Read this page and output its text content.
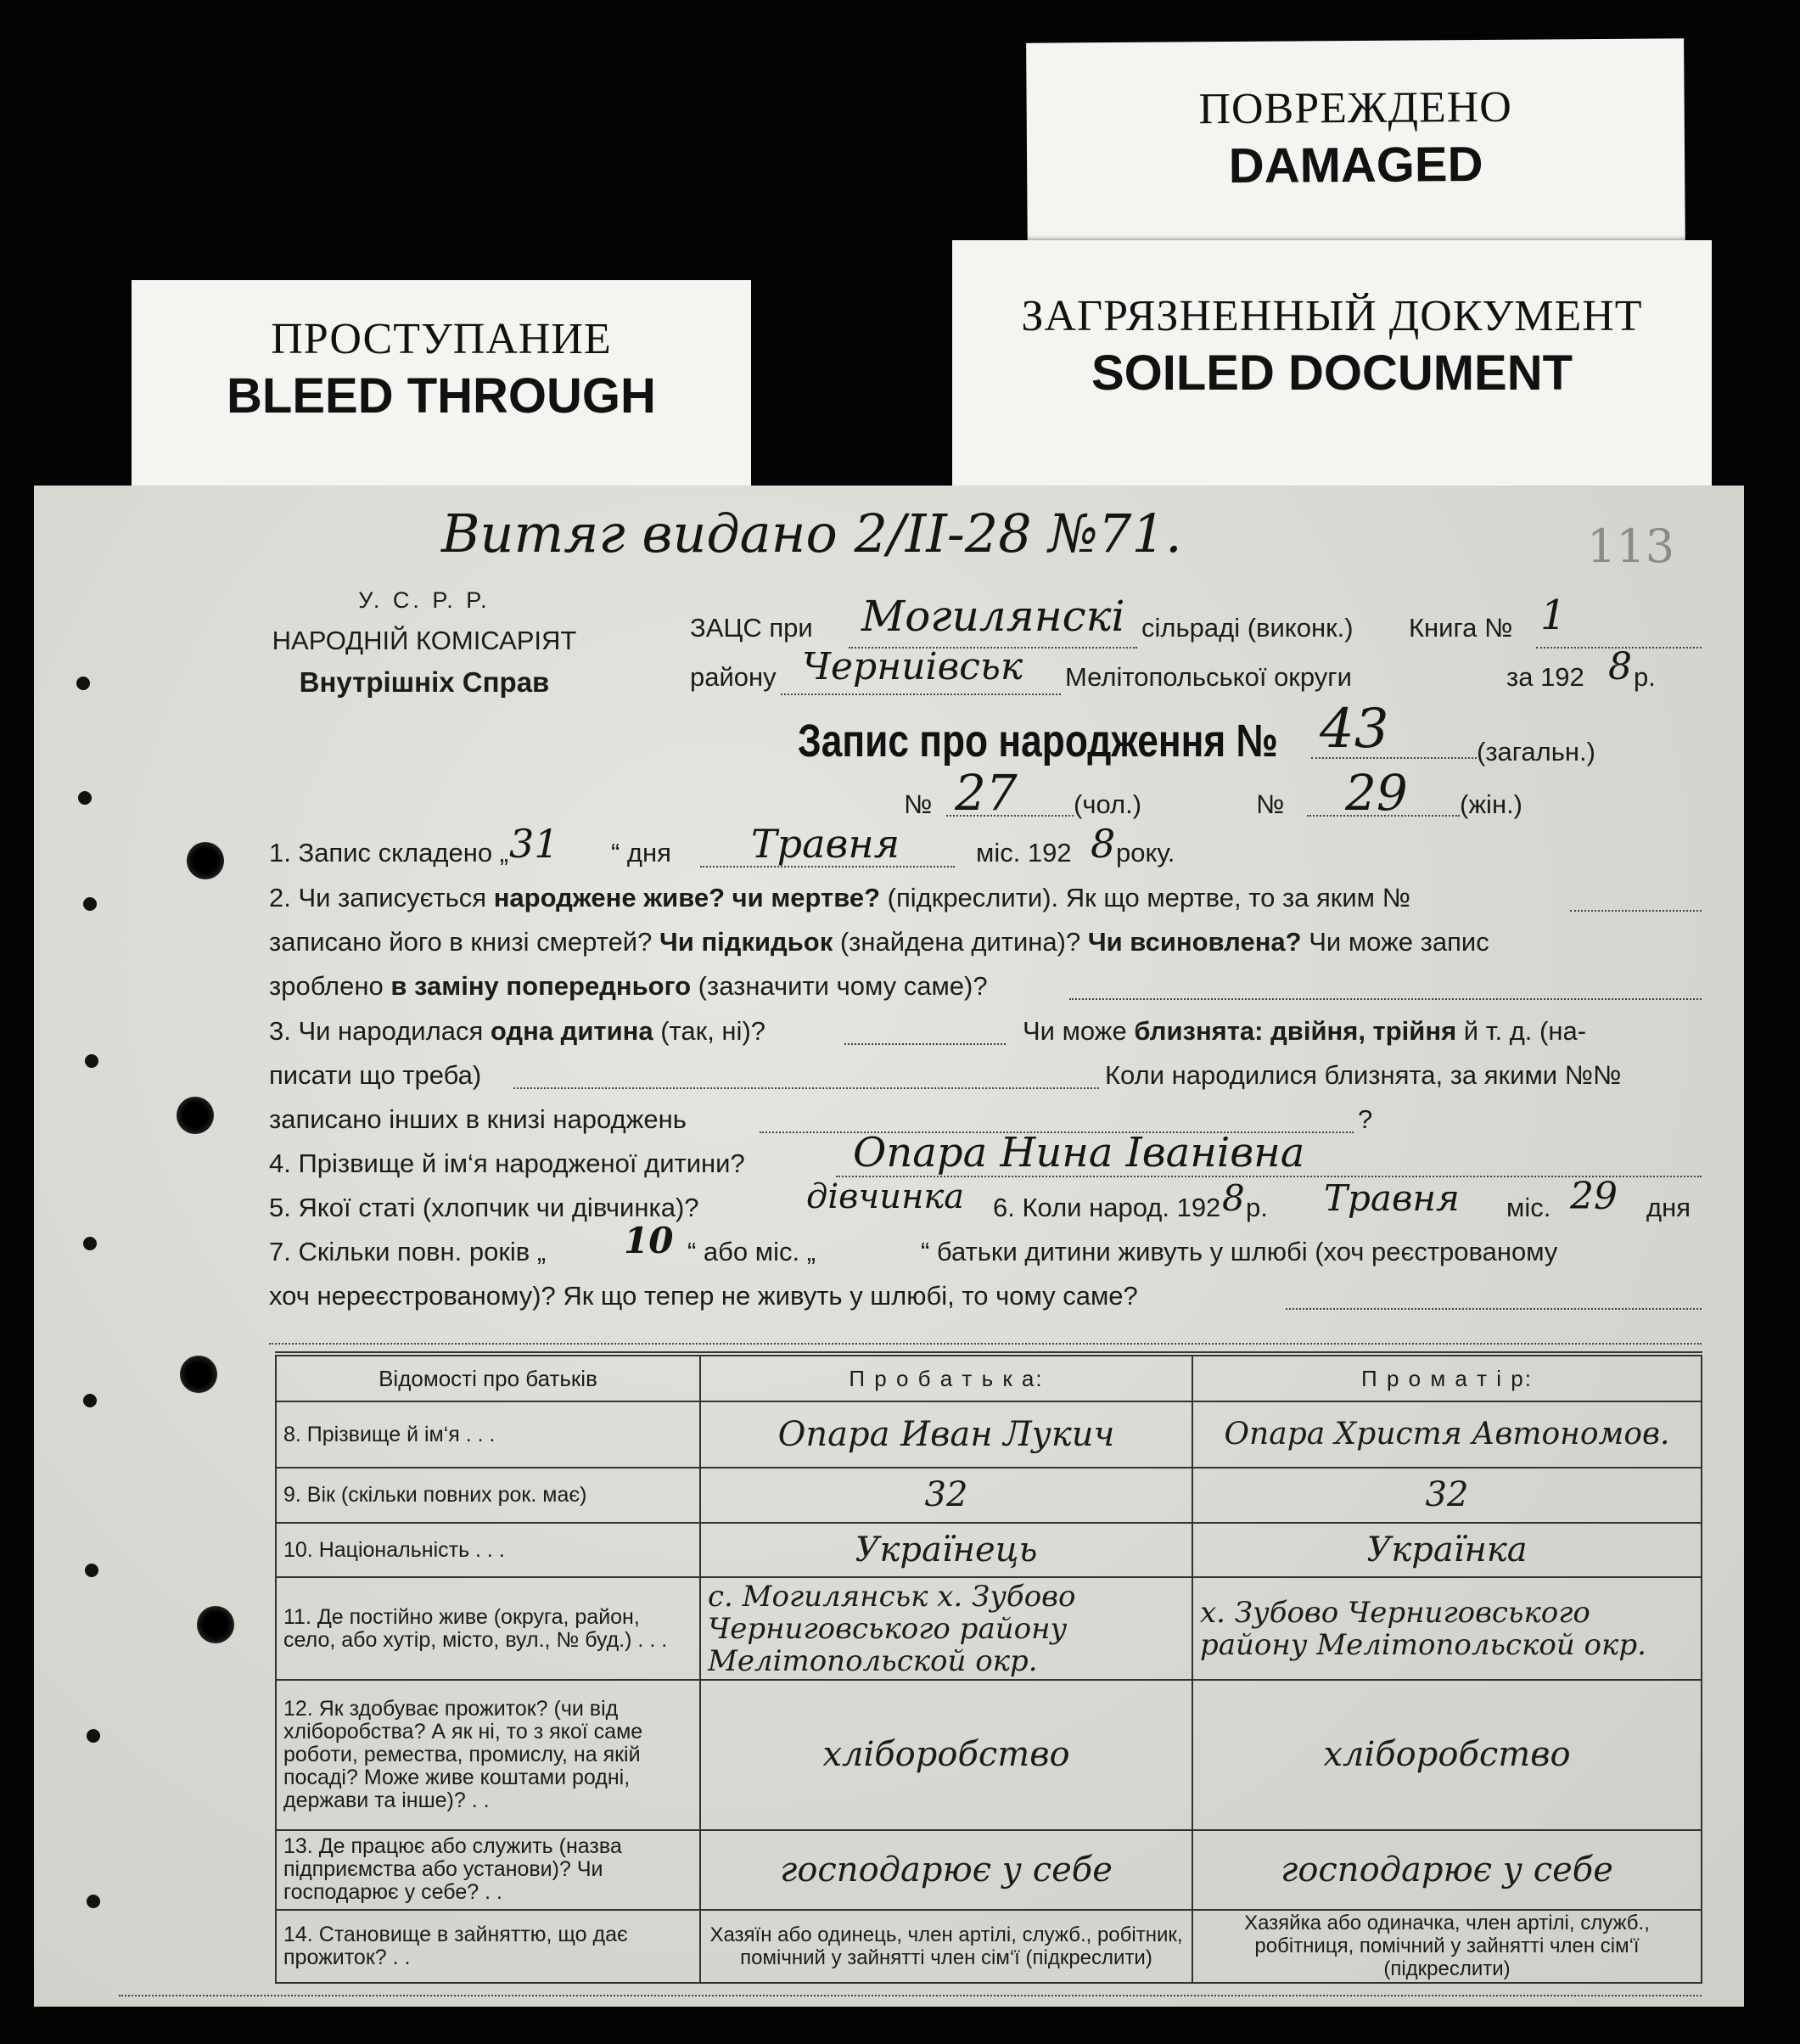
ПОВРЕЖДЕНО
DAMAGED
ЗАГРЯЗНЕННЫЙ ДОКУМЕНТ
SOILED DOCUMENT
ПРОСТУПАНИЕ
BLEED THROUGH
Витяг видано 2/II-28 №71.	113
У. С. Р. Р.
НАРОДНІЙ КОМІСАРІЯТ
Внутрішніх Справ
ЗАЦС при Могилянскі сільраді (виконк.) Книга № 1
району Черниівськ Мелітопольської округи	за 192 8 р.
Запис про народження № 43	(загальн.)
№ 27 (чол.)	№ 29 (жін.)
1. Запис складено „ 31 “ дня Травня	міс. 192 8 року.
2. Чи записується народжене живе? чи мертве? (підкреслити). Як що мертве, то за яким №
записано його в книзі смертей? Чи підкидьок (знайдена дитина)? Чи всиновлена? Чи може запис
зроблено в заміну попереднього (зазначити чому саме)?
3. Чи народилася одна дитина (так, ні)?	Чи може близнята: двійня, трійня й т. д. (на-
писати що треба)	Коли народилися близнята, за якими №№
записано інших в книзі народжень	?
4. Прізвище й ім‘я народженої дитини?	Опара Нина Іванівна
5. Якої статі (хлопчик чи дівчинка)?	дівчинка 6. Коли народ. 192 8 р. Травня міс. 29 дня
7. Скільки повн. років „ 10 “ або міс. „	“ батьки дитини живуть у шлюбі (хоч реєстрованому
хоч нереєстрованому)? Як що тепер не живуть у шлюбі, то чому саме?
Відомості про батьків	П р о б а т ь к а:	П р о м а т і р:
8. Прізвище й ім‘я . . .	Опара Иван Лукич	Опара Христя Автономов.
9. Вік (скільки повних рок. має)	32	32
10. Національність . . .	Українець	Українка
11. Де постійно живе (округа, район, село, або хутір, місто, вул., № буд.) . . .	с. Могилянськ х. Зубово Черниговського району Мелітопольской окр.	х. Зубово Черниговського району Мелітопольской окр.
12. Як здобуває прожиток? (чи від хліборобства? А як ні, то з якої саме роботи, ремества, промислу, на якій посаді? Може живе коштами родні, держави та інше)? . .	хліборобство	хліборобство
13. Де працює або служить (назва підприємства або установи)? Чи господарює у себе? . .	господарює у себе	господарює у себе
14. Становище в зайняттю, що дає прожиток? . .	Хазяїн або одинець, член артілі, служб., робітник, помічний у зайнятті член сім‘ї (підкреслити)	Хазяйка або одиначка, член артілі, служб., робітниця, помічний у зайнятті член сім‘ї (підкреслити)
